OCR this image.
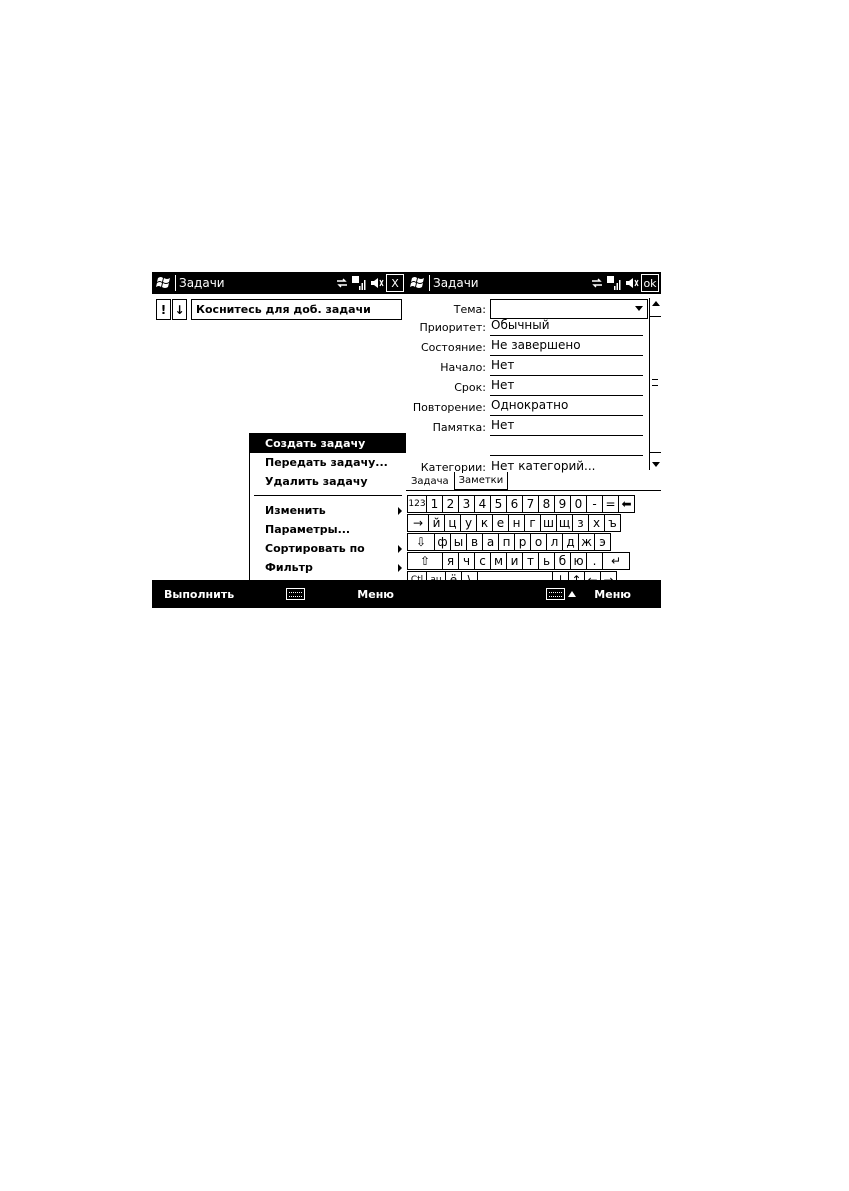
Задачи	X
! ↓	Коснитесь для доб. задачи
Создать задачу
Передать задачу...
Удалить задачу
Изменить
Параметры...
Сортировать по
Фильтр
Выполнить	Меню
Задачи	ok
Тема:
Приоритет: Обычный
Состояние: Не завершено
Начало: Нет
Срок: Нет
Повторение: Однократно
Памятка: Нет
Категории: Нет категорий...
Задача	Заметки
123 1 2 3 4 5 6 7 8 9 0 - = ⬅
→ й ц у к е н г ш щ з х ъ
⇩ ф ы в а п р о л д ж э
⇧	я ч с м и т ь б ю .	↵
Меню
